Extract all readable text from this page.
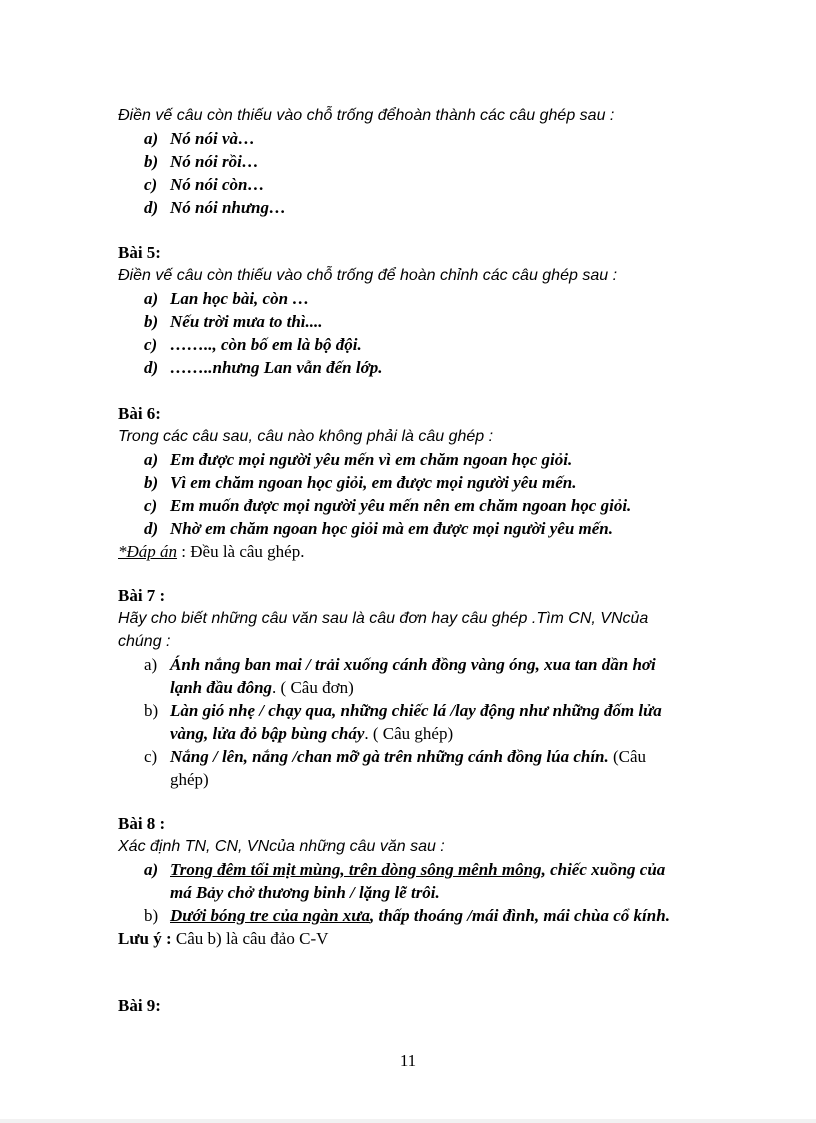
Điền vế câu còn thiếu vào chỗ trống đểhoàn thành các câu ghép sau :
a) Nó nói và…
b) Nó nói rồi…
c) Nó nói còn…
d) Nó nói nhưng…
Bài 5:
Điền vế câu còn thiếu vào chỗ trống để hoàn chỉnh các câu ghép sau :
a) Lan học bài, còn …
b) Nếu trời mưa to thì....
c) …….., còn bố em là bộ đội.
d) ……..nhưng Lan vẫn đến lớp.
Bài 6:
Trong các câu sau, câu nào không phải là câu ghép :
a) Em được mọi người yêu mến vì em chăm ngoan học giỏi.
b) Vì em chăm ngoan học giỏi, em được mọi người yêu mến.
c) Em muốn được mọi người yêu mến nên em chăm ngoan học giỏi.
d) Nhờ em chăm ngoan học giỏi mà em được mọi người yêu mến.
*Đáp án : Đều là câu ghép.
Bài 7 :
Hãy cho biết những câu văn sau là câu đơn hay câu ghép .Tìm CN, VNcủa
chúng :
a) Ánh nắng ban mai / trải xuống cánh đồng vàng óng, xua tan dần hơi lạnh đầu đông. ( Câu đơn)
b) Làn gió nhẹ / chạy qua, những chiếc lá /lay động như những đốm lửa vàng, lửa đỏ bập bùng cháy. ( Câu ghép)
c) Nắng / lên, nắng /chan mỡ gà trên những cánh đồng lúa chín. (Câu ghép)
Bài 8 :
Xác định TN, CN, VNcủa những câu văn sau :
a) Trong đêm tối mịt mùng, trên dòng sông mênh mông, chiếc xuồng của má Bảy chở thương binh / lặng lẽ trôi.
b) Dưới bóng tre của ngàn xưa, thấp thoáng /mái đình, mái chùa cổ kính.
Lưu ý : Câu b) là câu đảo C-V
Bài 9:
11
